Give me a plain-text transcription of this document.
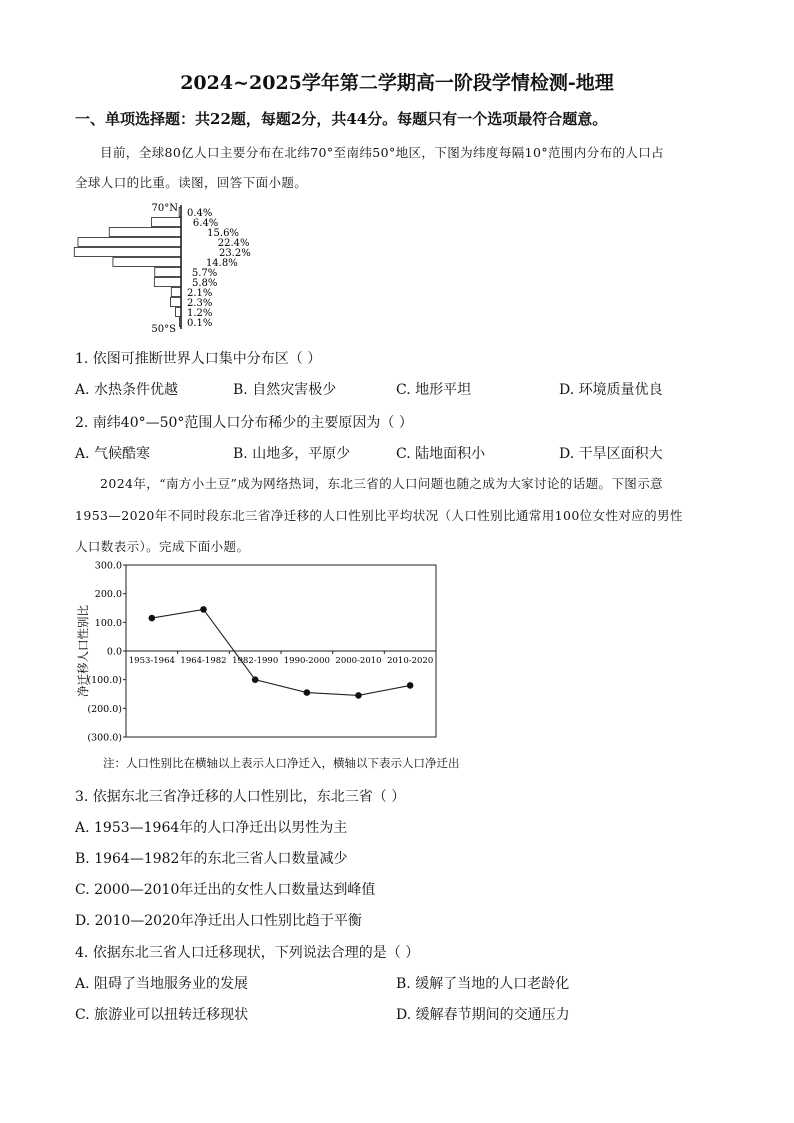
2024~2025学年第二学期高一阶段学情检测-地理
一、单项选择题：共22题，每题2分，共44分。每题只有一个选项最符合题意。
目前，全球80亿人口主要分布在北纬70°至南纬50°地区，下图为纬度每隔10°范围内分布的人口占
全球人口的比重。读图，回答下面小题。
70°N
50°S
0.4%
6.4%
15.6%
22.4%
23.2%
14.8%
5.7%
5.8%
2.1%
2.3%
1.2%
0.1%
1. 依图可推断世界人口集中分布区（ ）
A. 水热条件优越	B. 自然灾害极少	C. 地形平坦	D. 环境质量优良
2. 南纬40°—50°范围人口分布稀少的主要原因为（ ）
A. 气候酷寒	B. 山地多，平原少	C. 陆地面积小	D. 干旱区面积大
2024年，“南方小土豆”成为网络热词，东北三省的人口问题也随之成为大家讨论的话题。下图示意
1953—2020年不同时段东北三省净迁移的人口性别比平均状况（人口性别比通常用100位女性对应的男性
人口数表示）。完成下面小题。
净迁移人口性别比
300.0
200.0
100.0
0.0
(100.0)
(200.0)
(300.0)
1953-1964 1964-1982 1982-1990 1990-2000 2000-2010 2010-2020
注：人口性别比在横轴以上表示人口净迁入，横轴以下表示人口净迁出
3. 依据东北三省净迁移的人口性别比，东北三省（ ）
A. 1953—1964年的人口净迁出以男性为主
B. 1964—1982年的东北三省人口数量减少
C. 2000—2010年迁出的女性人口数量达到峰值
D. 2010—2020年净迁出人口性别比趋于平衡
4. 依据东北三省人口迁移现状，下列说法合理的是（ ）
A. 阻碍了当地服务业的发展	B. 缓解了当地的人口老龄化
C. 旅游业可以扭转迁移现状	D. 缓解春节期间的交通压力
